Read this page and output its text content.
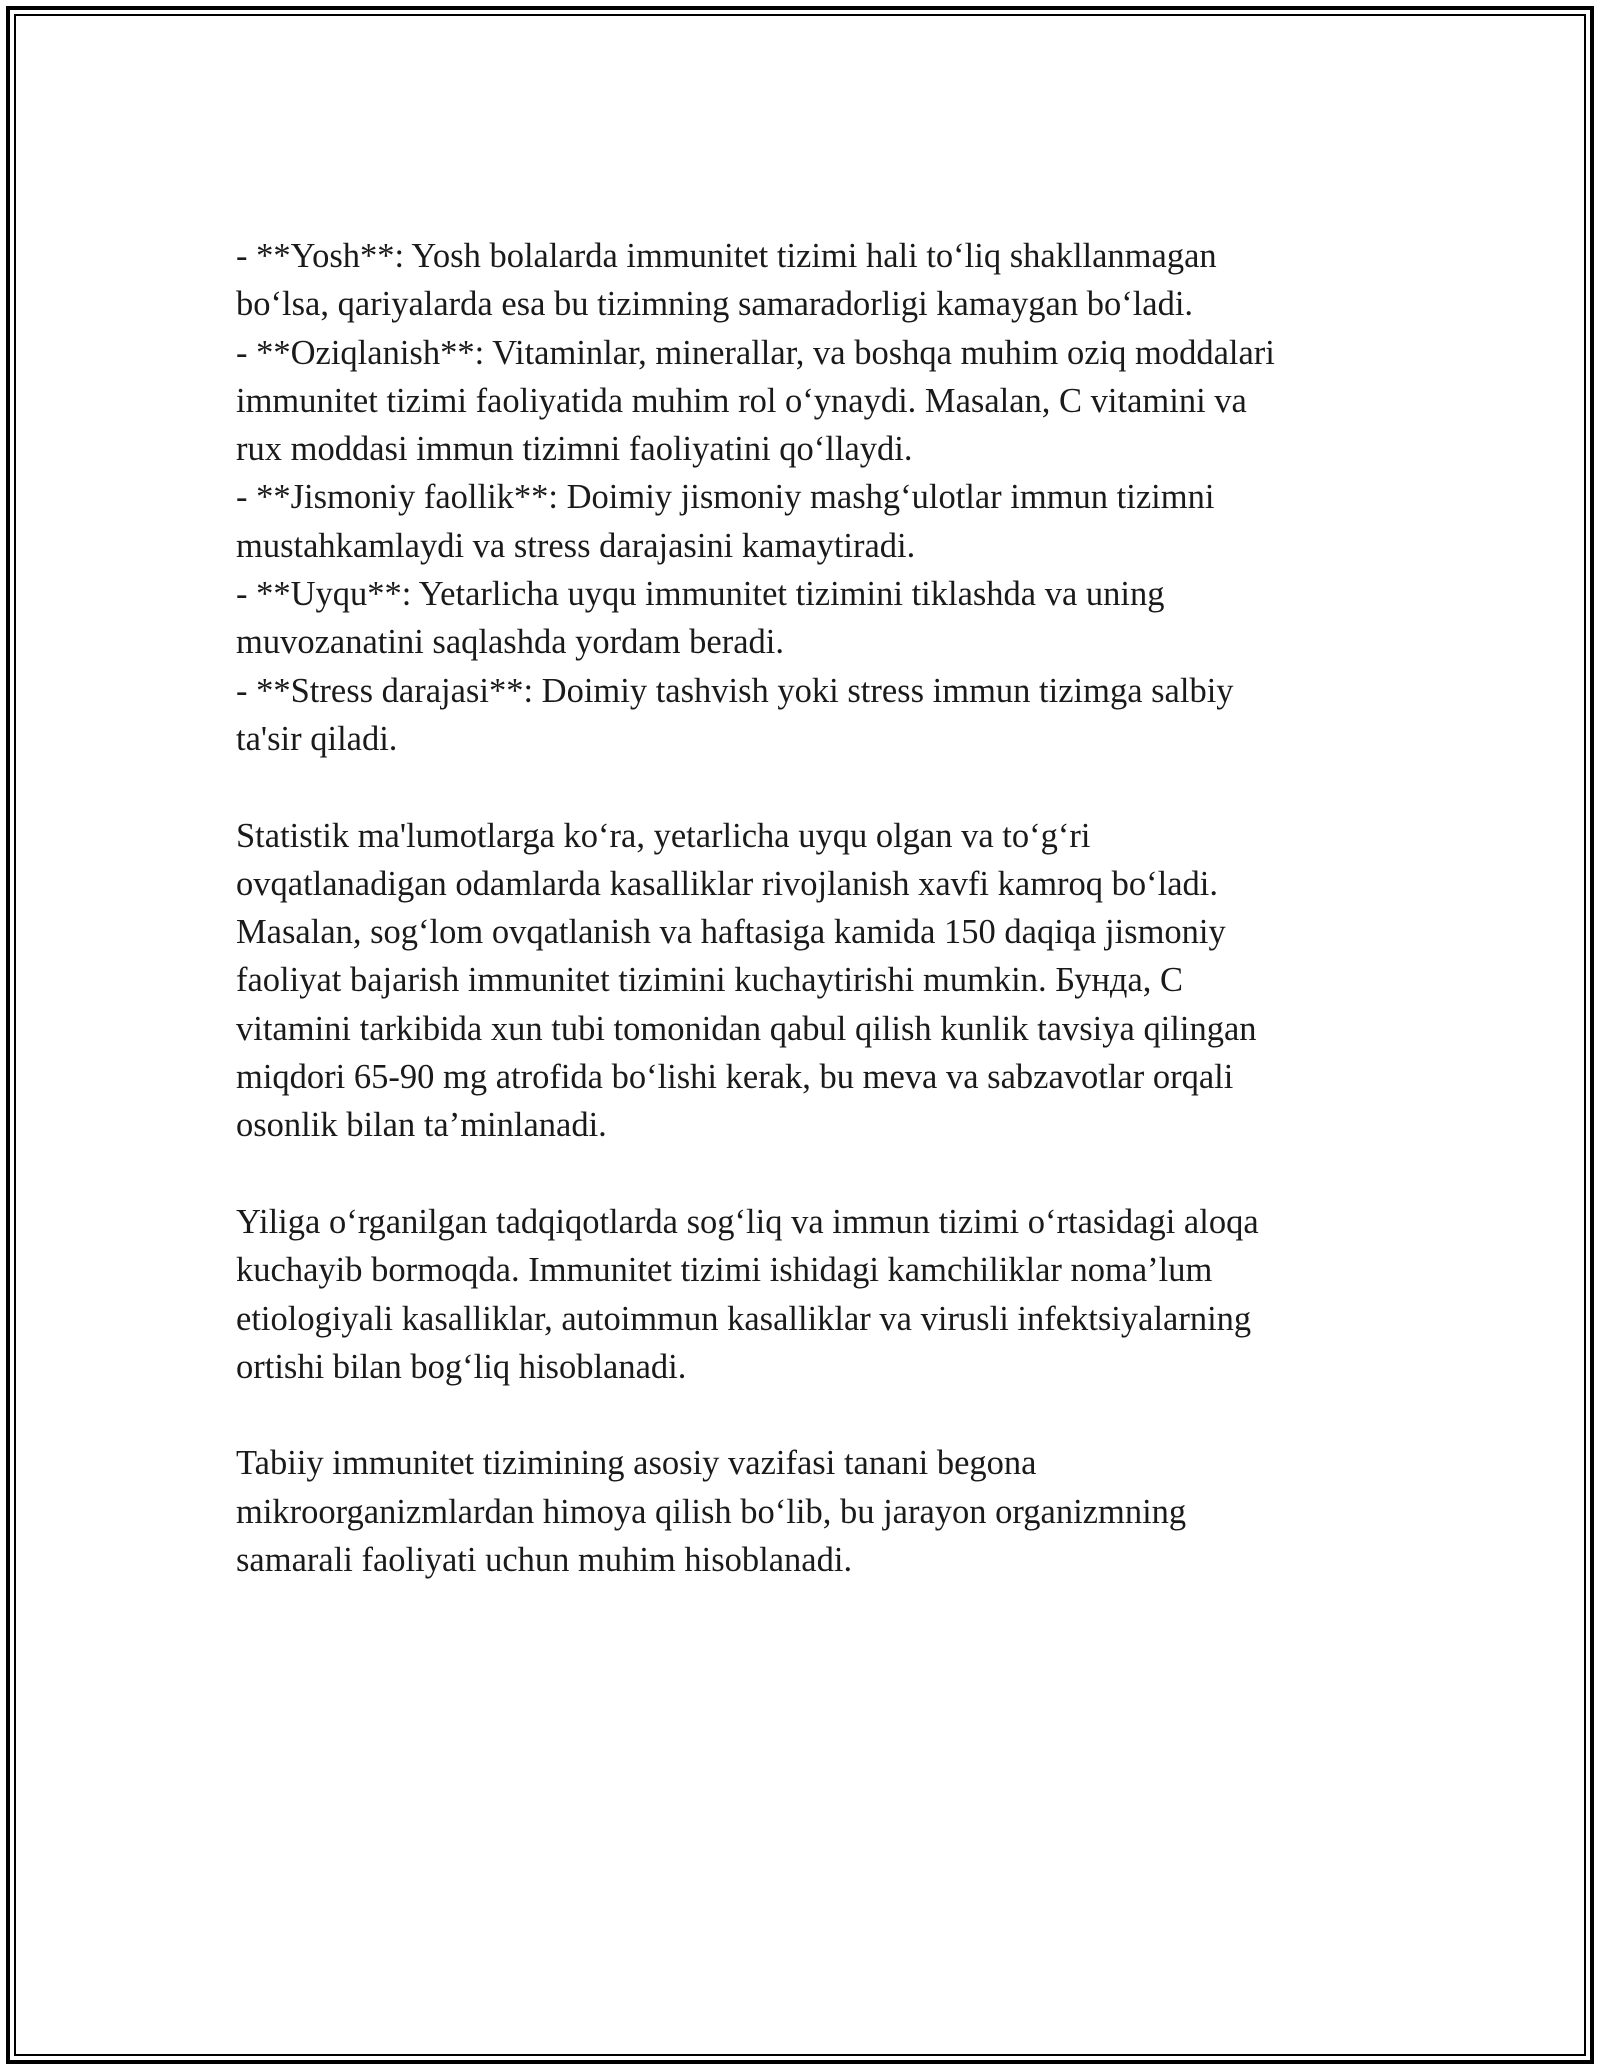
- **Yosh**: Yosh bolalarda immunitet tizimi hali to‘liq shakllanmagan
bo‘lsa, qariyalarda esa bu tizimning samaradorligi kamaygan bo‘ladi.
- **Oziqlanish**: Vitaminlar, minerallar, va boshqa muhim oziq moddalari
immunitet tizimi faoliyatida muhim rol o‘ynaydi. Masalan, C vitamini va
rux moddasi immun tizimni faoliyatini qo‘llaydi.
- **Jismoniy faollik**: Doimiy jismoniy mashg‘ulotlar immun tizimni
mustahkamlaydi va stress darajasini kamaytiradi.
- **Uyqu**: Yetarlicha uyqu immunitet tizimini tiklashda va uning
muvozanatini saqlashda yordam beradi.
- **Stress darajasi**: Doimiy tashvish yoki stress immun tizimga salbiy
ta'sir qiladi.
Statistik ma'lumotlarga ko‘ra, yetarlicha uyqu olgan va to‘g‘ri
ovqatlanadigan odamlarda kasalliklar rivojlanish xavfi kamroq bo‘ladi.
Masalan, sog‘lom ovqatlanish va haftasiga kamida 150 daqiqa jismoniy
faoliyat bajarish immunitet tizimini kuchaytirishi mumkin. Бунда, C
vitamini tarkibida xun tubi tomonidan qabul qilish kunlik tavsiya qilingan
miqdori 65-90 mg atrofida bo‘lishi kerak, bu meva va sabzavotlar orqali
osonlik bilan ta’minlanadi.
Yiliga o‘rganilgan tadqiqotlarda sog‘liq va immun tizimi o‘rtasidagi aloqa
kuchayib bormoqda. Immunitet tizimi ishidagi kamchiliklar noma’lum
etiologiyali kasalliklar, autoimmun kasalliklar va virusli infektsiyalarning
ortishi bilan bog‘liq hisoblanadi.
Tabiiy immunitet tizimining asosiy vazifasi tanani begona
mikroorganizmlardan himoya qilish bo‘lib, bu jarayon organizmning
samarali faoliyati uchun muhim hisoblanadi.
